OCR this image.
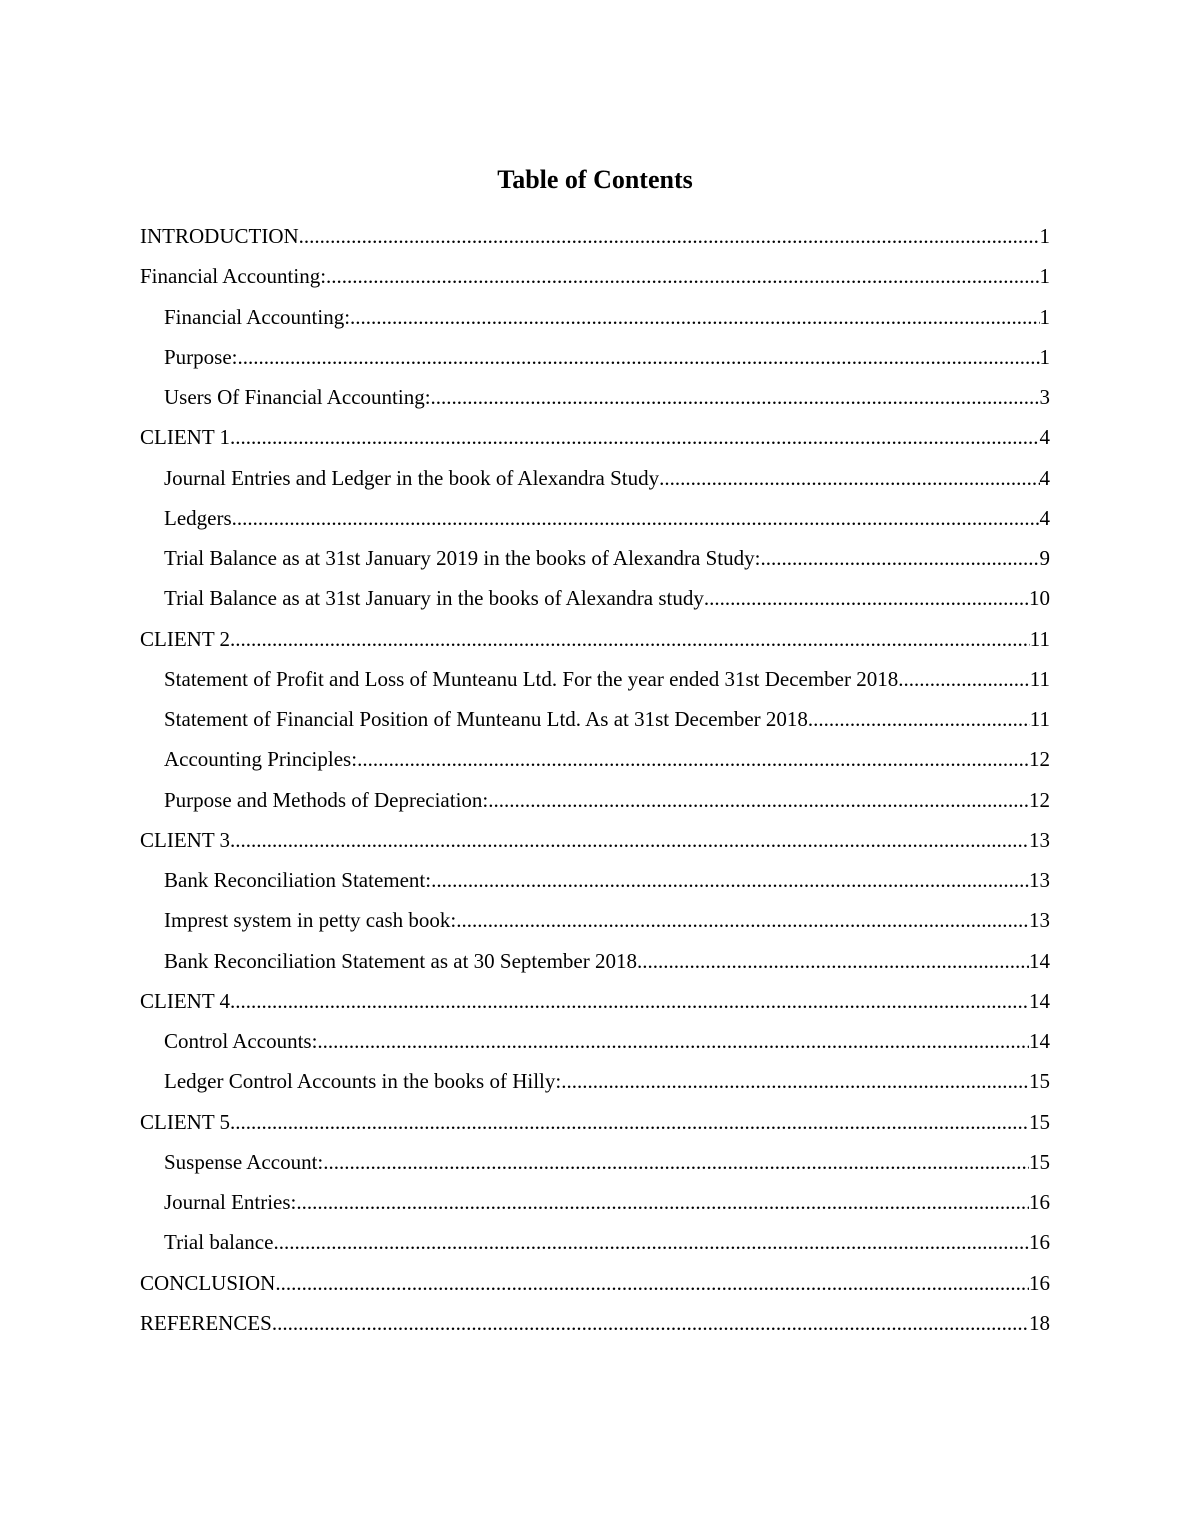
Table of Contents
INTRODUCTION .....	1
Financial Accounting: .....	1
Financial Accounting: .....	1
Purpose: .....	1
Users Of Financial Accounting: .....	3
CLIENT 1 .....	4
Journal Entries and Ledger in the book of Alexandra Study .....	4
Ledgers .....	4
Trial Balance as at 31st January 2019 in the books of Alexandra Study: .....	9
Trial Balance as at 31st January in the books of Alexandra study .....	10
CLIENT 2 .....	11
Statement of Profit and Loss of Munteanu Ltd. For the year ended 31st December 2018 .....	11
Statement of Financial Position of Munteanu Ltd. As at 31st December 2018 .....	11
Accounting Principles: .....	12
Purpose and Methods of Depreciation: .....	12
CLIENT 3 .....	13
Bank Reconciliation Statement: .....	13
Imprest system in petty cash book: .....	13
Bank Reconciliation Statement as at 30 September 2018 .....	14
CLIENT 4 .....	14
Control Accounts: .....	14
Ledger Control Accounts in the books of Hilly: .....	15
CLIENT 5 .....	15
Suspense Account: .....	15
Journal Entries: .....	16
Trial balance .....	16
CONCLUSION .....	16
REFERENCES .....	18
